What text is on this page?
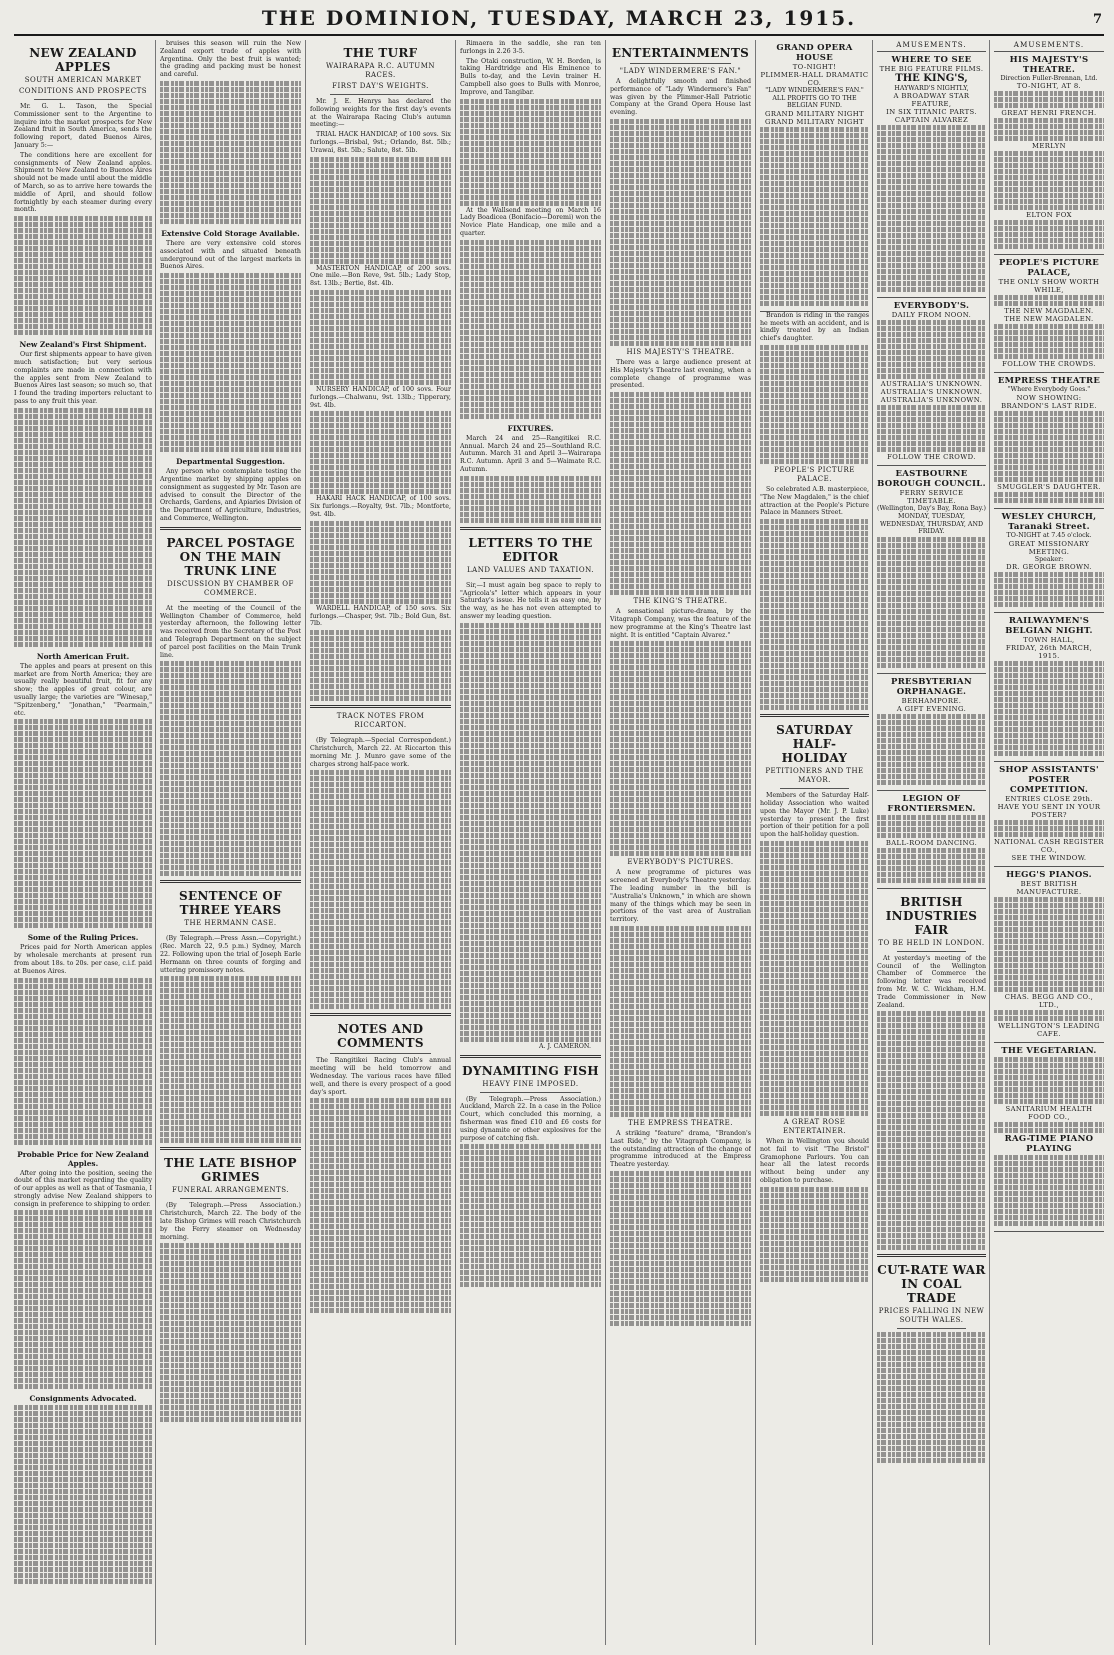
THE DOMINION, TUESDAY, MARCH 23, 1915.	7
NEW ZEALAND APPLES
SOUTH AMERICAN MARKET
CONDITIONS AND PROSPECTS

Mr. G. L. Tason, the Special Commissioner sent to the Argentine to inquire into the market prospects for New Zealand fruit in South America, sends the following report, dated Buenos Aires, January 5:—

The conditions here are excellent for consignments of New Zealand apples. Shipment to New Zealand to Buenos Aires should not be made until about the middle of March, so as to arrive here towards the middle of April, and should follow fortnightly by each steamer during every month.

New Zealand's First Shipment.

Our first shipments appear to have given much satisfaction; but very serious complaints are made in connection with the apples sent from New Zealand to Buenos Aires last season; so much so, that I found the trading importers reluctant to pass to any fruit this year.

North American Fruit.

The apples and pears at present on this market are from North America; they are usually really beautiful fruit, fit for any show; the apples of great colour, are usually large; the varieties are "Winesap," "Spitzenberg," "Jonathan," "Pearmain," etc.

Some of the Ruling Prices.

Prices paid for North American apples by wholesale merchants at present run from about 18s. to 20s. per case, c.i.f. paid at Buenos Aires.

Probable Price for New Zealand Apples.

After going into the position, seeing the doubt of this market regarding the quality of our apples as well as that of Tasmania, I strongly advise New Zealand shippers to consign in preference to shipping to order.

Consignments Advocated.

bruises this season will ruin the New Zealand export trade of apples with Argentina. Only the best fruit is wanted; the grading and packing must be honest and careful.

Extensive Cold Storage Available.

There are very extensive cold stores associated with and situated beneath underground out of the largest markets in Buenos Aires.

Departmental Suggestion.

Any person who contemplate testing the Argentine market by shipping apples on consignment as suggested by Mr. Tason are advised to consult the Director of the Orchards, Gardens, and Apiaries Division of the Department of Agriculture, Industries, and Commerce, Wellington.

PARCEL POSTAGE ON THE MAIN TRUNK LINE
DISCUSSION BY CHAMBER OF COMMERCE.

At the meeting of the Council of the Wellington Chamber of Commerce, held yesterday afternoon, the following letter was received from the Secretary of the Post and Telegraph Department on the subject of parcel post facilities on the Main Trunk line.

SENTENCE OF THREE YEARS
THE HERMANN CASE.

(By Telegraph.—Press Assn.—Copyright.) (Rec. March 22, 9.5 p.m.) Sydney, March 22. Following upon the trial of Joseph Earle Hermann on three counts of forging and uttering promissory notes.

THE LATE BISHOP GRIMES
FUNERAL ARRANGEMENTS.

(By Telegraph.—Press Association.) Christchurch, March 22. The body of the late Bishop Grimes will reach Christchurch by the Ferry steamer on Wednesday morning.

THE TURF
WAIRARAPA R.C. AUTUMN RACES.
FIRST DAY'S WEIGHTS.

Mr. J. E. Henrys has declared the following weights for the first day's events at the Wairarapa Racing Club's autumn meeting:—

TRIAL HACK HANDICAP, of 100 sovs. Six furlongs.—Brisbal, 9st.; Orlando, 8st. 5lb.; Urawai, 8st. 5lb.; Salute, 8st. 5lb.

MASTERTON HANDICAP, of 200 sovs. One mile.—Bon Reve, 9st. 5lb.; Lady Stop, 8st. 13lb.; Bertie, 8st. 4lb.

NURSERY HANDICAP, of 100 sovs. Four furlongs.—Chalwanu, 9st. 13lb.; Tipperary, 9st. 4lb.

HAKARI HACK HANDICAP, of 100 sovs. Six furlongs.—Royalty, 9st. 7lb.; Montforte, 9st. 4lb.

WARDELL HANDICAP, of 150 sovs. Six furlongs.—Chasper, 9st. 7lb.; Bold Gun, 8st. 7lb.

TRACK NOTES FROM RICCARTON.

(By Telegraph.—Special Correspondent.) Christchurch, March 22. At Riccarton this morning Mr. J. Munro gave some of the charges strong half-pace work.

NOTES AND COMMENTS

The Rangitikei Racing Club's annual meeting will be held tomorrow and Wednesday. The various races have filled well, and there is every prospect of a good day's sport.

Rimaera in the saddle, she ran ten furlongs in 2.26 3-5.

The Otaki construction, W. H. Borden, is taking Hardtridge and His Eminence to Bulls to-day, and the Levin trainer H. Campbell also goes to Bulls with Monroe, Improve, and Tangibar.

At the Wallsend meeting on March 16 Lady Boadicea (Bonifacio—Doremi) won the Novice Plate Handicap, one mile and a quarter.

FIXTURES.

March 24 and 25—Rangitikei R.C. Annual. March 24 and 25—Southland R.C. Autumn. March 31 and April 3—Wairarapa R.C. Autumn. April 3 and 5—Waimate R.C. Autumn.

LETTERS TO THE EDITOR
LAND VALUES AND TAXATION.

Sir,—I must again beg space to reply to "Agricola's" letter which appears in your Saturday's issue. He tells it as easy one, by the way, as he has not even attempted to answer my leading question.

A. J. CAMERON.
DYNAMITING FISH
HEAVY FINE IMPOSED.

(By Telegraph.—Press Association.) Auckland, March 22. In a case in the Police Court, which concluded this morning, a fisherman was fined £10 and £6 costs for using dynamite or other explosives for the purpose of catching fish.

ENTERTAINMENTS
"LADY WINDERMERE'S FAN."

A delightfully smooth and finished performance of "Lady Windermere's Fan" was given by the Plimmer-Hall Patriotic Company at the Grand Opera House last evening.

HIS MAJESTY'S THEATRE.

There was a large audience present at His Majesty's Theatre last evening, when a complete change of programme was presented.

THE KING'S THEATRE.

A sensational picture-drama, by the Vitagraph Company, was the feature of the new programme at the King's Theatre last night. It is entitled "Captain Alvarez."

EVERYBODY'S PICTURES.

A new programme of pictures was screened at Everybody's Theatre yesterday. The leading number in the bill is "Australia's Unknown," in which are shown many of the things which may be seen in portions of the vast area of Australian territory.

THE EMPRESS THEATRE.

A striking "feature" drama, "Brandon's Last Ride," by the Vitagraph Company, is the outstanding attraction of the change of programme introduced at the Empress Theatre yesterday.

GRAND OPERA HOUSE
TO-NIGHT!
PLIMMER-HALL DRAMATIC CO.
"LADY WINDERMERE'S FAN."
ALL PROFITS GO TO THE BELGIAN FUND.
GRAND MILITARY NIGHT
GRAND MILITARY NIGHT

Brandon is riding in the ranges he meets with an accident, and is kindly treated by an Indian chief's daughter.

PEOPLE'S PICTURE PALACE.

So celebrated A.B. masterpiece, "The New Magdalen," is the chief attraction at the People's Picture Palace in Manners Street.

SATURDAY HALF-HOLIDAY
PETITIONERS AND THE MAYOR.

Members of the Saturday Half-holiday Association who waited upon the Mayor (Mr. J. P. Luke) yesterday to present the first portion of their petition for a poll upon the half-holiday question.

A GREAT ROSE ENTERTAINER.

When in Wellington you should not fail to visit "The Bristol" Gramophone Parlours. You can hear all the latest records without being under any obligation to purchase.

AMUSEMENTS.
WHERE TO SEE
THE BIG FEATURE FILMS.
THE KING'S,
HAYWARD'S NIGHTLY,
A BROADWAY STAR FEATURE,
IN SIX TITANIC PARTS.
CAPTAIN ALVAREZ
EVERYBODY'S.
DAILY FROM NOON.
AUSTRALIA'S UNKNOWN.
AUSTRALIA'S UNKNOWN.
AUSTRALIA'S UNKNOWN.
FOLLOW THE CROWD.
EASTBOURNE BOROUGH COUNCIL.
FERRY SERVICE TIMETABLE.
(Wellington, Day's Bay, Rona Bay.)
MONDAY, TUESDAY, WEDNESDAY, THURSDAY, AND FRIDAY.
PRESBYTERIAN ORPHANAGE.
BERHAMPORE.
A GIFT EVENING.
LEGION OF FRONTIERSMEN.
BALL-ROOM DANCING.
BRITISH INDUSTRIES FAIR
TO BE HELD IN LONDON.

At yesterday's meeting of the Council of the Wellington Chamber of Commerce the following letter was received from Mr. W. C. Wickham, H.M. Trade Commissioner in New Zealand.

CUT-RATE WAR IN COAL TRADE
PRICES FALLING IN NEW SOUTH WALES.
AMUSEMENTS.
HIS MAJESTY'S THEATRE.
Direction Fuller-Brennan, Ltd.
TO-NIGHT, AT 8.
GREAT HENRI FRENCH.
MERLYN
ELTON FOX
PEOPLE'S PICTURE PALACE,
THE ONLY SHOW WORTH WHILE,
THE NEW MAGDALEN.
THE NEW MAGDALEN.
FOLLOW THE CROWDS.
EMPRESS THEATRE
"Where Everybody Goes."
NOW SHOWING:
BRANDON'S LAST RIDE.
SMUGGLER'S DAUGHTER.
WESLEY CHURCH, Taranaki Street.
TO-NIGHT at 7.45 o'clock.
GREAT MISSIONARY MEETING.
Speaker:
DR. GEORGE BROWN.
RAILWAYMEN'S BELGIAN NIGHT.
TOWN HALL,
FRIDAY, 26th MARCH, 1915.
SHOP ASSISTANTS' POSTER COMPETITION.
ENTRIES CLOSE 29th.
HAVE YOU SENT IN YOUR POSTER?
NATIONAL CASH REGISTER CO.,
SEE THE WINDOW.
HEGG'S PIANOS.
BEST BRITISH MANUFACTURE.
CHAS. BEGG AND CO., LTD.,
WELLINGTON'S LEADING CAFE.
THE VEGETARIAN.
SANITARIUM HEALTH FOOD CO.,
RAG-TIME PIANO PLAYING
